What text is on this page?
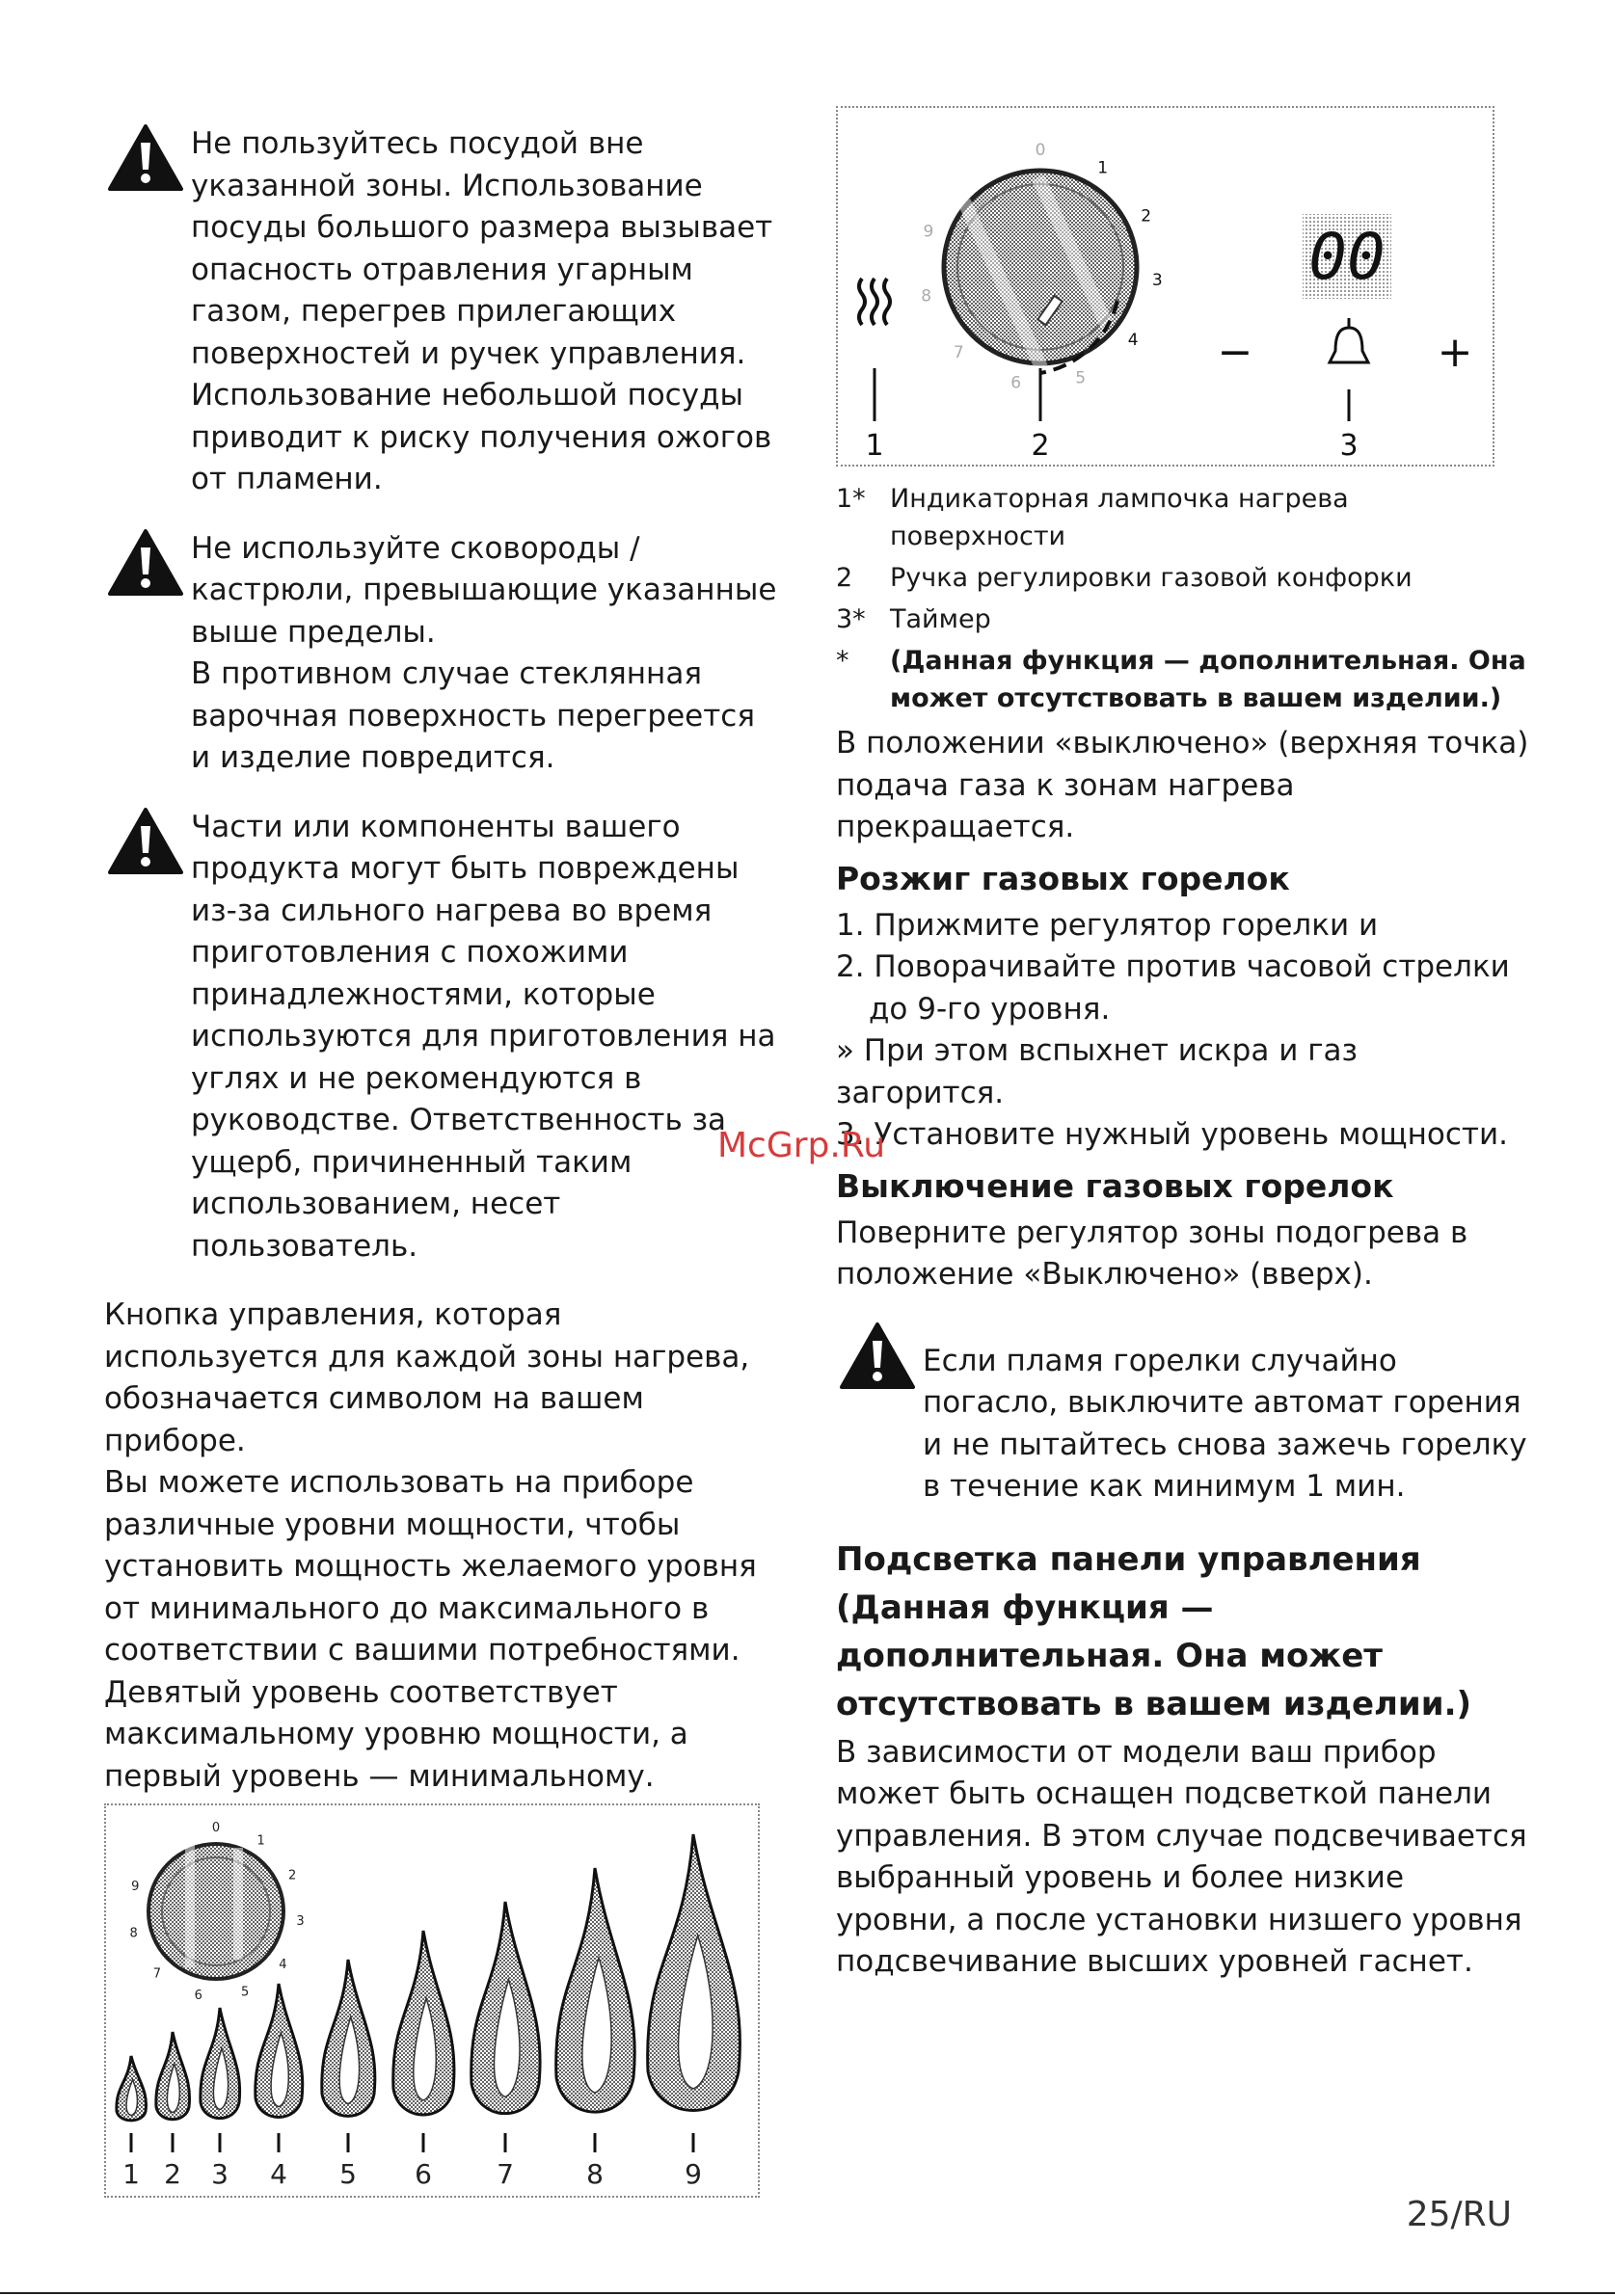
Не пользуйтесь посудой вне указанной зоны. Использование посуды большого размера вызывает опасность отравления угарным газом, перегрев прилегающих поверхностей и ручек управления. Использование небольшой посуды приводит к риску получения ожогов от пламени.

Не используйте сковороды / кастрюли, превышающие указанные выше пределы.

В противном случае стеклянная варочная поверхность перегреется и изделие повредится.

Части или компоненты вашего продукта могут быть повреждены из-за сильного нагрева во время приготовления с похожими принадлежностями, которые используются для приготовления на углях и не рекомендуются в руководстве. Ответственность за ущерб, причиненный таким использованием, несет пользователь.

Кнопка управления, которая используется для каждой зоны нагрева, обозначается символом на вашем приборе.

Вы можете использовать на приборе различные уровни мощности, чтобы установить мощность желаемого уровня от минимального до максимального в соответствии с вашими потребностями.

Девятый уровень соответствует максимальному уровню мощности, а первый уровень — минимальному.

0
1
2
3
4
5
6
7
8
9
1 2 3 4 5 6 7	8	9
0
1
2
3
4
5
6
7
8
9	00
−	+
1	2	3
1* Индикаторная лампочка нагрева поверхности
2	Ручка регулировки газовой конфорки
3* Таймер
*	(Данная функция — дополнительная. Она может отсутствовать в вашем изделии.)

В положении «выключено» (верхняя точка) подача газа к зонам нагрева прекращается.

Розжиг газовых горелок

1. Прижмите регулятор горелки и

2. Поворачивайте против часовой стрелки

до 9-го уровня.

» При этом вспыхнет искра и газ загорится.

3. Установите нужный уровень мощности.

Выключение газовых горелок

Поверните регулятор зоны подогрева в положение «Выключено» (вверх).

Если пламя горелки случайно погасло, выключите автомат горения и не пытайтесь снова зажечь горелку в течение как минимум 1 мин.

Подсветка панели управления (Данная функция — дополнительная. Она может отсутствовать в вашем изделии.)

В зависимости от модели ваш прибор может быть оснащен подсветкой панели управления. В этом случае подсвечивается выбранный уровень и более низкие уровни, а после установки низшего уровня подсвечивание высших уровней гаснет.

McGrp.Ru
25/RU
